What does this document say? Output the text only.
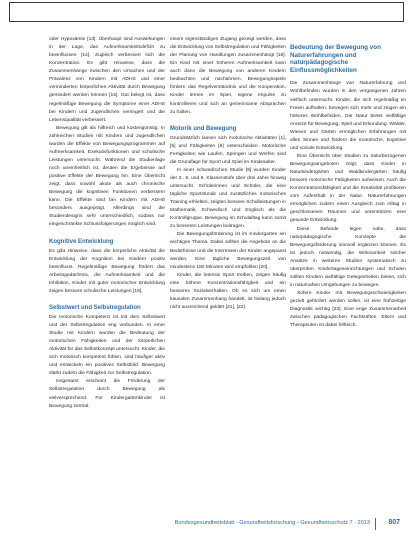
oder Hypoxämie [13]. Überhaupt sind Auswirkungen in der Lage, das Aufmerksamkeitsdefizit zu beeinflussen [14]. Zugleich verbessert sich die Konzentration. Es gibt Hinweise, dass die Zusammenhänge zwischen den Ursachen und der Prävalenz von Kindern mit ADHS und einer verminderten körperlichen Aktivität durch Bewegung gemindert werden können [15]. Gut belegt ist, dass regelmäßige Bewegung die Symptome einer ADHS bei Kindern und Jugendlichen verringert und die Lebensqualität verbessert.

Bewegung gilt als hilfreich und kostengünstig. In zahlreichen Studien mit Kindern und Jugendlichen wurden die Effekte von Bewegungsprogrammen auf Aufmerksamkeit, Exekutivfunktionen und schulische Leistungen untersucht. Während die Studienlage noch uneinheitlich ist, deuten die Ergebnisse auf positive Effekte der Bewegung hin. Eine Übersicht zeigt, dass sowohl akute als auch chronische Bewegung die kognitiven Funktionen verbessern kann. Die Effekte sind bei Kindern mit ADHS besonders ausgeprägt. Allerdings sind die Studiendesigns sehr unterschiedlich, sodass nur eingeschränkte Schlussfolgerungen möglich sind.

Kognitive Entwicklung

Es gibt Hinweise, dass die körperliche Aktivität die Entwicklung der Kognition bei Kindern positiv beeinflusst. Regelmäßige Bewegung fördert das Arbeitsgedächtnis, die Aufmerksamkeit und die Inhibition. Kinder mit guter motorischer Entwicklung zeigen bessere schulische Leistungen [19].

Selbstwert und Selbstregulation

Die motorische Kompetenz ist mit dem Selbstwert und der Selbstregulation eng verbunden. In einer Studie mit Kindern wurden die Bedeutung der motorischen Fähigkeiten und der körperlichen Aktivität für das Selbstkonzept untersucht. Kinder, die sich motorisch kompetent fühlen, sind häufiger aktiv und entwickeln ein positives Selbstbild. Bewegung stärkt zudem die Fähigkeit zur Selbstregulation.

Insgesamt erscheint die Förderung der Selbstregulation durch Bewegung als vielversprechend. Für Kindergartenkinder ist Bewegung zentral.

einem eigenständigen Zugang gezeigt werden, dass die Entwicklung von Selbstregulation und Fähigkeiten der Planung von Handlungen zusammenhängt [18]. Ein Kind mit einer höheren Aufmerksamkeit kann auch dann die Bewegung von anderen Kindern beobachten und nachahmen. Bewegungsspiele fördern das Regelverständnis und die Kooperation. Kinder lernen im Spiel, eigene Impulse zu kontrollieren und sich an gemeinsame Absprachen zu halten.

Motorik und Bewegung

Grundsätzlich lassen sich motorische Aktivitäten [1], [5] und Fähigkeiten [8] unterscheiden. Motorische Fertigkeiten wie Laufen, Springen und Werfen sind die Grundlage für Sport und Spiel im Kindesalter.

In einer schwedischen Studie [9] wurden Kinder der 2., 5. und 8. Klassenstufe über drei Jahre hinweg untersucht. Schülerinnen und Schüler, die eine tägliche Sportstunde und zusätzliches motorisches Training erhielten, zeigten bessere Schulleistungen in Mathematik, Schwedisch und Englisch als die Kontrollgruppe. Bewegung im Schulalltag kann somit zu besseren Leistungen beitragen.

Die Bewegungsförderung ist im Kindergarten ein wichtiges Thema. Dabei sollten die Angebote an die Bedürfnisse und die Interessen der Kinder angepasst werden. Eine tägliche Bewegungszeit von mindestens 180 Minuten wird empfohlen [20].

Kinder, die intensiv Sport treiben, zeigen häufig eine höhere Konzentrationsfähigkeit und ein besseres Sozialverhalten. Ob es sich um einen kausalen Zusammenhang handelt, ist bislang jedoch nicht ausreichend geklärt [21], [22].

Bedeutung der Bewegung von Naturerfahrungen und naturpädagogische Einflussmöglichkeiten

Die Zusammenhänge von Naturerfahrung und Wohlbefinden wurden in den vergangenen Jahren vielfach untersucht. Kinder, die sich regelmäßig im Freien aufhalten, bewegen sich mehr und zeigen ein höheres Wohlbefinden. Die Natur bietet vielfältige Anreize für Bewegung, Spiel und Erkundung. Wälder, Wiesen und Gärten ermöglichen Erfahrungen mit allen Sinnen und fördern die motorische, kognitive und soziale Entwicklung.

Eine Übersicht über Studien zu naturbezogenen Bewegungsangeboten zeigt, dass Kinder in Naturkindergärten und Waldkindergärten häufig bessere motorische Fähigkeiten aufweisen. Auch die Konzentrationsfähigkeit und die Kreativität profitieren vom Aufenthalt in der Natur. Naturerfahrungen ermöglichen zudem einen Ausgleich zum Alltag in geschlossenen Räumen und unterstützen eine gesunde Entwicklung.

Diese Befunde legen nahe, dass naturpädagogische Konzepte die Bewegungsförderung sinnvoll ergänzen können. Es ist jedoch notwendig, die Wirksamkeit solcher Ansätze in weiteren Studien systematisch zu überprüfen. Kindertageseinrichtungen und Schulen sollten Kindern vielfältige Gelegenheiten bieten, sich in naturnahen Umgebungen zu bewegen.

Sofern Kinder mit Bewegungsschwierigkeiten gezielt gefördert werden sollen, ist eine frühzeitige Diagnostik wichtig [23]. Eine enge Zusammenarbeit zwischen pädagogischen Fachkräften, Eltern und Therapeuten ist dabei hilfreich.

Bundesgesundheitsblatt - Gesundheitsforschung - Gesundheitsschutz 7 · 2013	807
